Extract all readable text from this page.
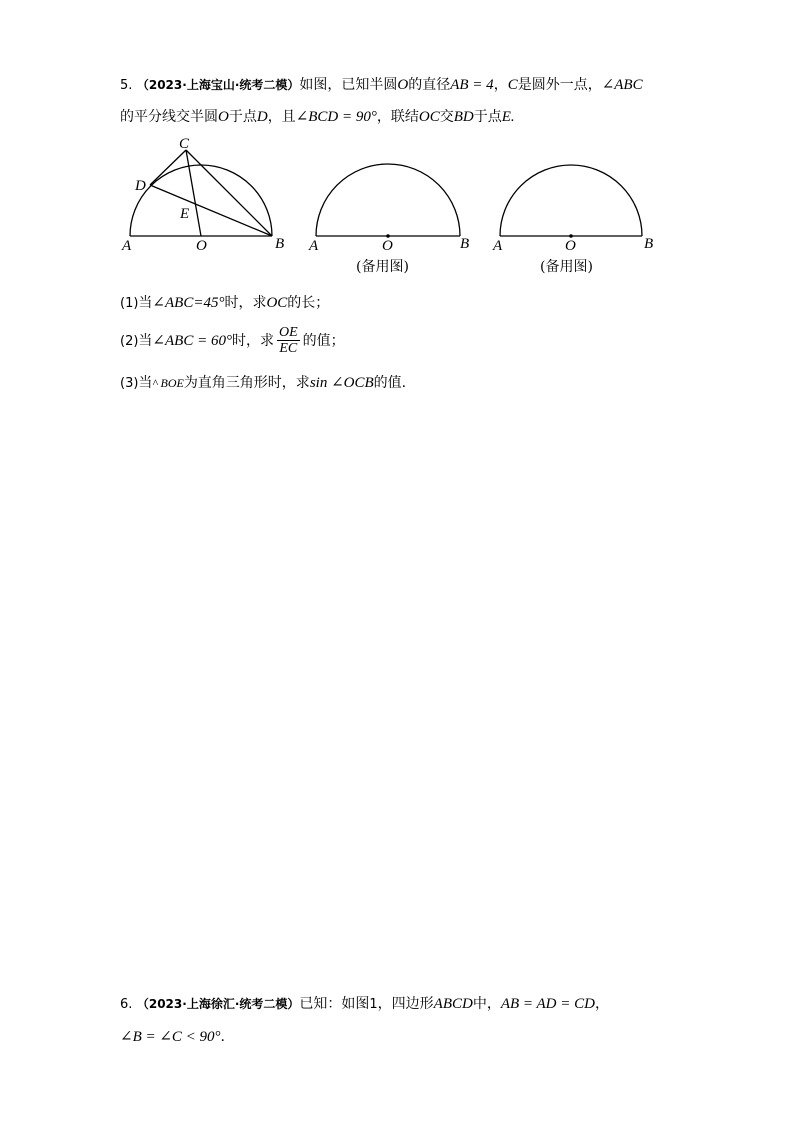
5. （2023·上海宝山·统考二模）如图，已知半圆O的直径AB = 4，C是圆外一点，∠ABC
的平分线交半圆O于点D，且∠BCD = 90°，联结OC交BD于点E.
A	O	B
C
D
E
A	O	B
(备用图)
A	O	B
(备用图)
(1)当∠ABC=45°时，求OC的长；
(2)当∠ABC = 60°时，求 $\frac{OE}{EC}$ 的值；
(3)当^ BOE为直角三角形时，求sin ∠OCB的值.
6. （2023·上海徐汇·统考二模）已知：如图1，四边形ABCD中，AB = AD = CD，
∠B = ∠C < 90°.
